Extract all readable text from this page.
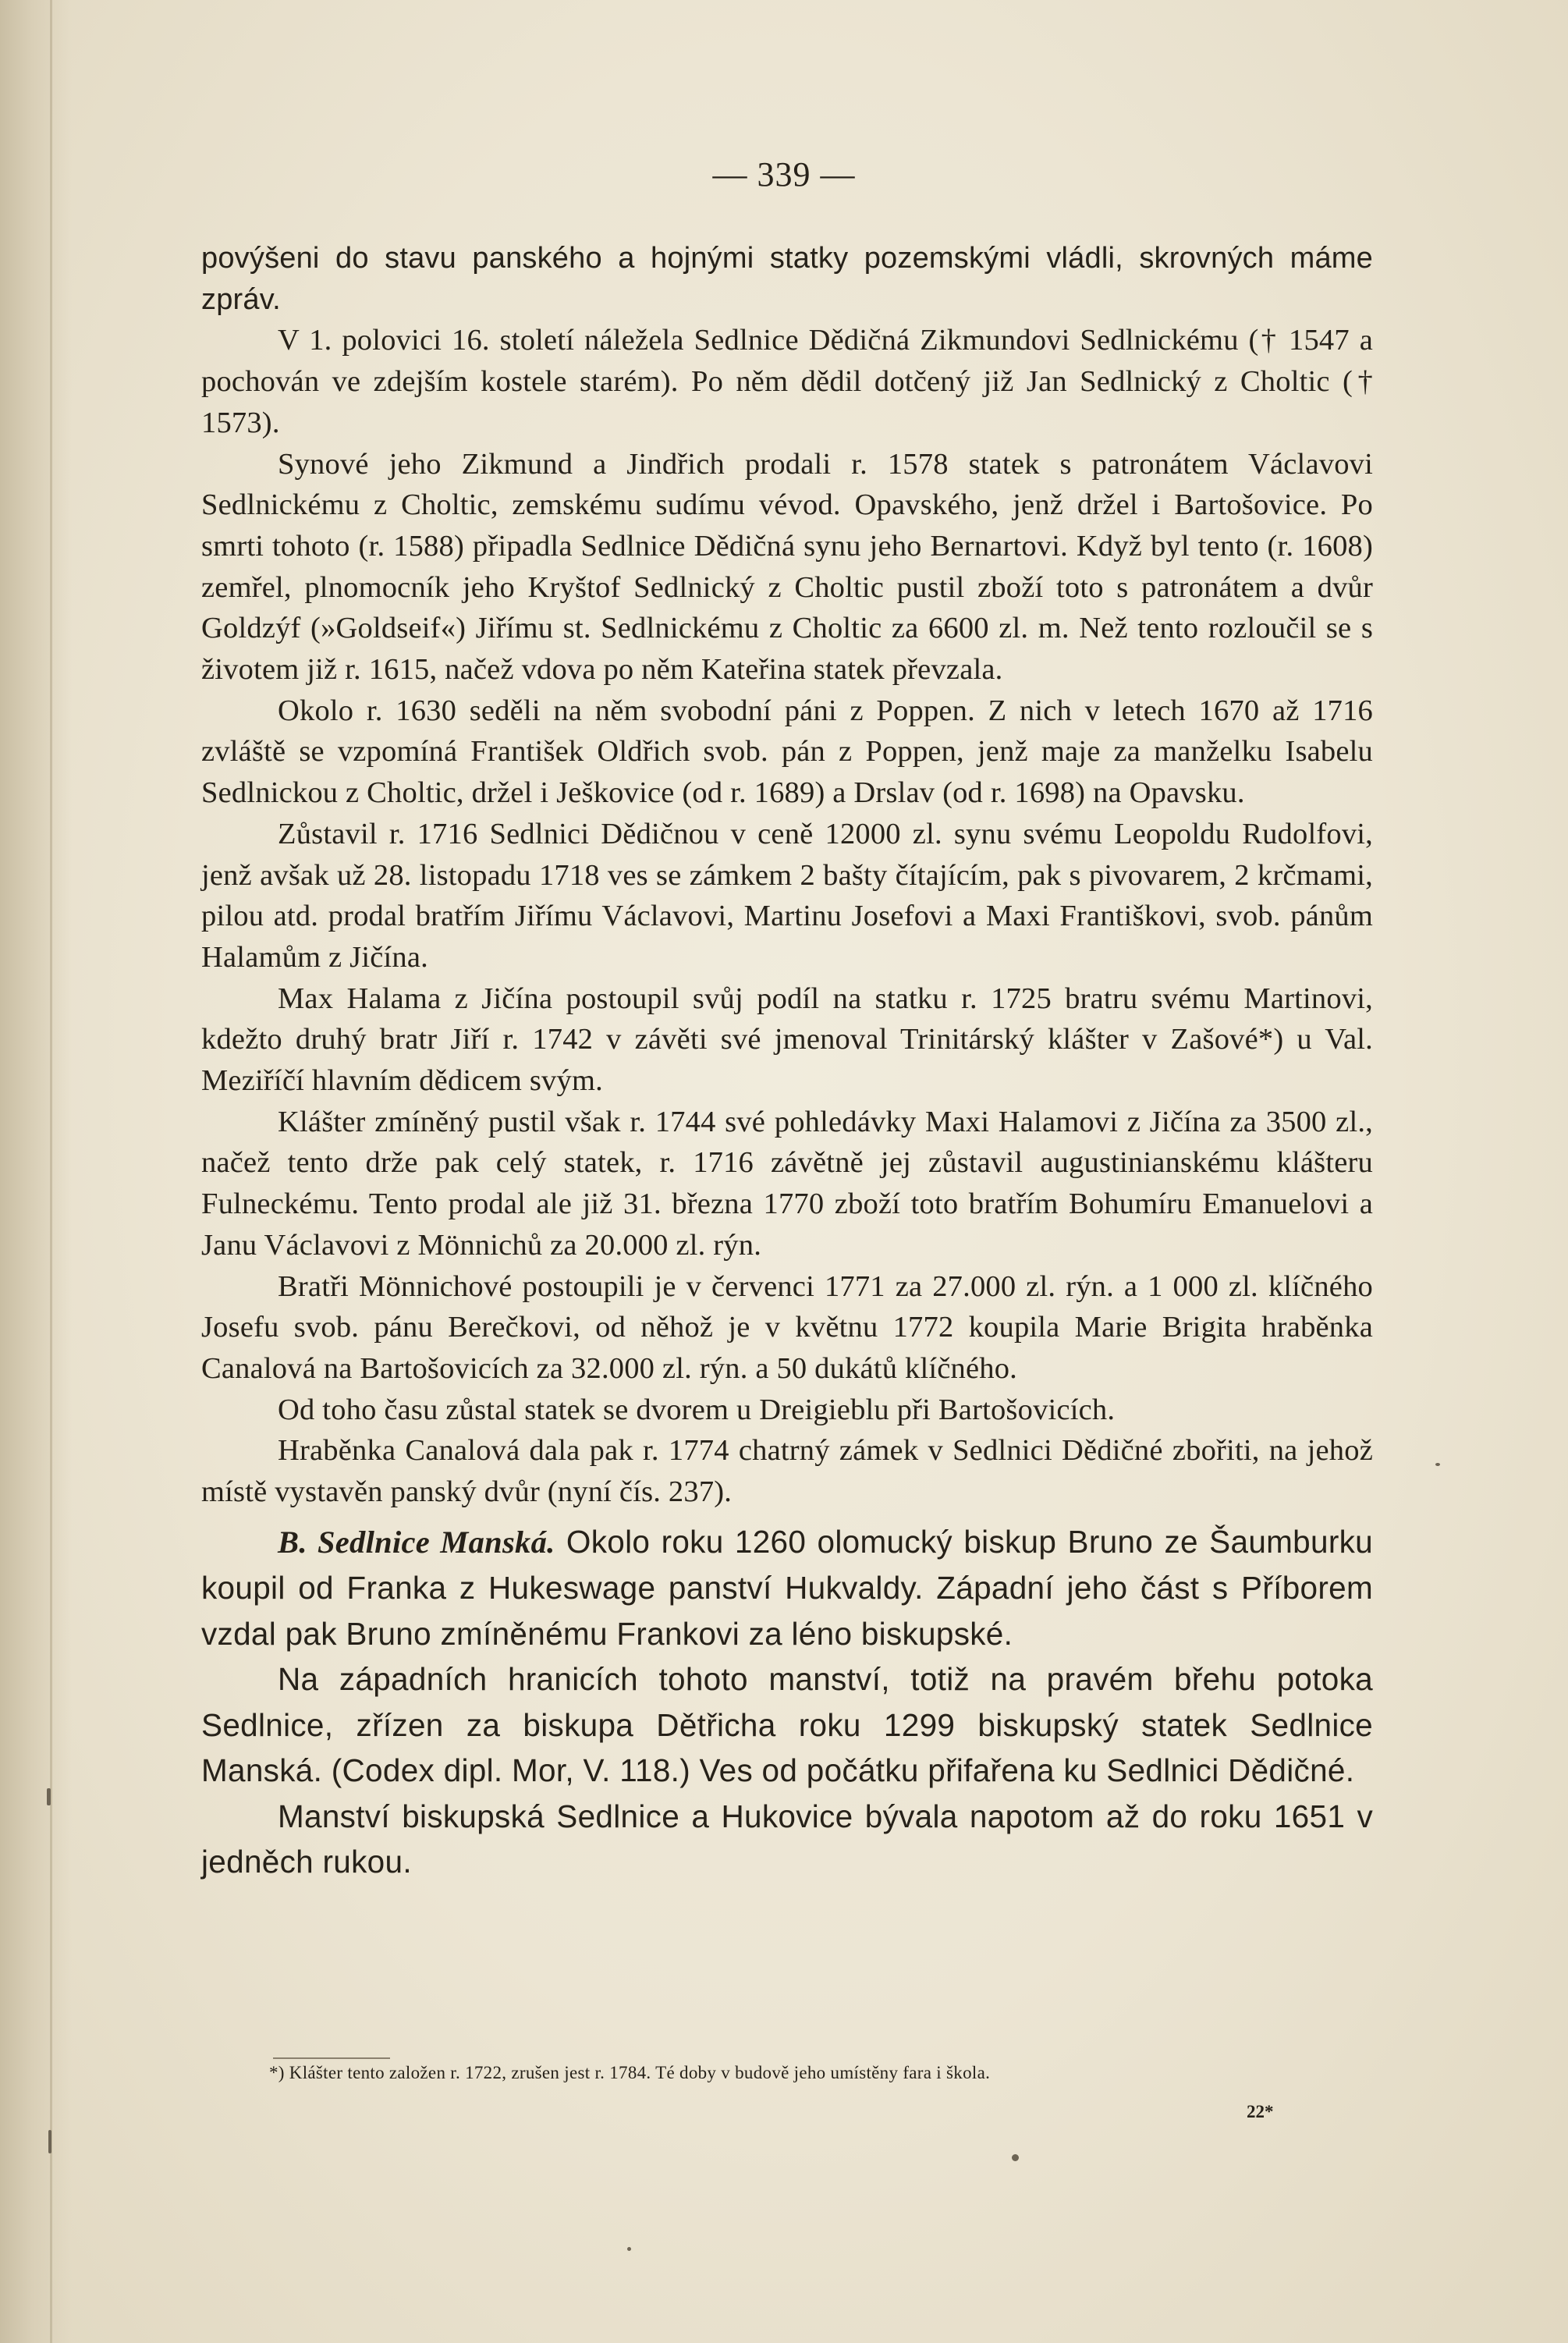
— 339 —

povýšeni do stavu panského a hojnými statky pozemskými vládli, skrovných máme zpráv.

V 1. polovici 16. století náležela Sedlnice Dědičná Zikmundovi Sedlnickému († 1547 a pochován ve zdejším kostele starém). Po něm dědil dotčený již Jan Sedlnický z Choltic († 1573).

Synové jeho Zikmund a Jindřich prodali r. 1578 statek s patronátem Václavovi Sedlnickému z Choltic, zemskému sudímu vévod. Opavského, jenž držel i Bartošovice. Po smrti tohoto (r. 1588) připadla Sedlnice Dědičná synu jeho Bernartovi. Když byl tento (r. 1608) zemřel, plnomocník jeho Kryštof Sedlnický z Choltic pustil zboží toto s patronátem a dvůr Goldzýf (»Goldseif«) Jiřímu st. Sedlnickému z Choltic za 6600 zl. m. Než tento rozloučil se s životem již r. 1615, načež vdova po něm Kateřina statek převzala.

Okolo r. 1630 seděli na něm svobodní páni z Poppen. Z nich v letech 1670 až 1716 zvláště se vzpomíná František Oldřich svob. pán z Poppen, jenž maje za manželku Isabelu Sedlnickou z Choltic, držel i Ješkovice (od r. 1689) a Drslav (od r. 1698) na Opavsku.

Zůstavil r. 1716 Sedlnici Dědičnou v ceně 12000 zl. synu svému Leopoldu Rudolfovi, jenž avšak už 28. listopadu 1718 ves se zámkem 2 bašty čítajícím, pak s pivovarem, 2 krčmami, pilou atd. prodal bratřím Jiřímu Václavovi, Martinu Josefovi a Maxi Františkovi, svob. pánům Halamům z Jičína.

Max Halama z Jičína postoupil svůj podíl na statku r. 1725 bratru svému Martinovi, kdežto druhý bratr Jiří r. 1742 v závěti své jmenoval Trinitárský klášter v Zašové*) u Val. Meziříčí hlavním dědicem svým.

Klášter zmíněný pustil však r. 1744 své pohledávky Maxi Halamovi z Jičína za 3500 zl., načež tento drže pak celý statek, r. 1716 závětně jej zůstavil augustinianskému klášteru Fulneckému. Tento prodal ale již 31. března 1770 zboží toto bratřím Bohumíru Emanuelovi a Janu Václavovi z Mönnichů za 20.000 zl. rýn.

Bratři Mönnichové postoupili je v červenci 1771 za 27.000 zl. rýn. a 1 000 zl. klíčného Josefu svob. pánu Berečkovi, od něhož je v květnu 1772 koupila Marie Brigita hraběnka Canalová na Bartošovicích za 32.000 zl. rýn. a 50 dukátů klíčného.

Od toho času zůstal statek se dvorem u Dreigieblu při Bartošovicích.

Hraběnka Canalová dala pak r. 1774 chatrný zámek v Sedlnici Dědičné zbořiti, na jehož místě vystavěn panský dvůr (nyní čís. 237).

B. Sedlnice Manská. Okolo roku 1260 olomucký biskup Bruno ze Šaumburku koupil od Franka z Hukeswage panství Hukvaldy. Západní jeho část s Příborem vzdal pak Bruno zmíněnému Frankovi za léno biskupské.

Na západních hranicích tohoto manství, totiž na pravém břehu potoka Sedlnice, zřízen za biskupa Dětřicha roku 1299 biskupský statek Sedlnice Manská. (Codex dipl. Mor, V. 118.) Ves od počátku přifařena ku Sedlnici Dědičné.

Manství biskupská Sedlnice a Hukovice bývala napotom až do roku 1651 v jedněch rukou.

*) Klášter tento založen r. 1722, zrušen jest r. 1784. Té doby v budově jeho umístěny fara i škola.
22*
